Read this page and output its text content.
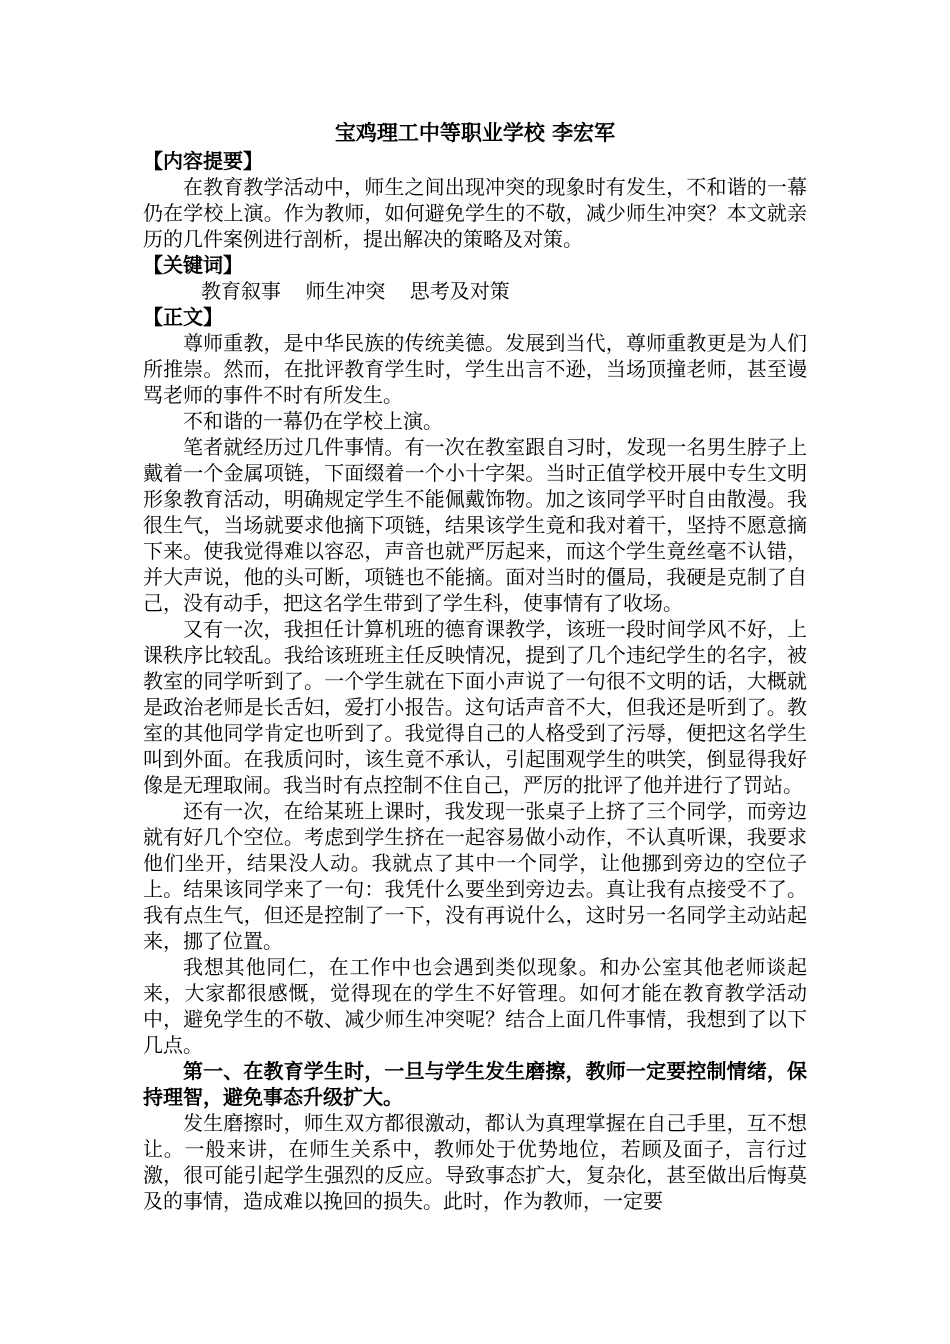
宝鸡理工中等职业学校 李宏军
【内容提要】

在教育教学活动中，师生之间出现冲突的现象时有发生，不和谐的一幕仍在学校上演。作为教师，如何避免学生的不敬，减少师生冲突？本文就亲历的几件案例进行剖析，提出解决的策略及对策。

【关键词】
教育叙事 师生冲突 思考及对策
【正文】

尊师重教，是中华民族的传统美德。发展到当代，尊师重教更是为人们所推崇。然而，在批评教育学生时，学生出言不逊，当场顶撞老师，甚至谩骂老师的事件不时有所发生。

不和谐的一幕仍在学校上演。

笔者就经历过几件事情。有一次在教室跟自习时，发现一名男生脖子上戴着一个金属项链，下面缀着一个小十字架。当时正值学校开展中专生文明形象教育活动，明确规定学生不能佩戴饰物。加之该同学平时自由散漫。我很生气，当场就要求他摘下项链，结果该学生竟和我对着干，坚持不愿意摘下来。使我觉得难以容忍，声音也就严厉起来，而这个学生竟丝毫不认错，并大声说，他的头可断，项链也不能摘。面对当时的僵局，我硬是克制了自己，没有动手，把这名学生带到了学生科，使事情有了收场。

又有一次，我担任计算机班的德育课教学，该班一段时间学风不好，上课秩序比较乱。我给该班班主任反映情况，提到了几个违纪学生的名字，被教室的同学听到了。一个学生就在下面小声说了一句很不文明的话，大概就是政治老师是长舌妇，爱打小报告。这句话声音不大，但我还是听到了。教室的其他同学肯定也听到了。我觉得自己的人格受到了污辱，便把这名学生叫到外面。在我质问时，该生竟不承认，引起围观学生的哄笑，倒显得我好像是无理取闹。我当时有点控制不住自己，严厉的批评了他并进行了罚站。

还有一次，在给某班上课时，我发现一张桌子上挤了三个同学，而旁边就有好几个空位。考虑到学生挤在一起容易做小动作，不认真听课，我要求他们坐开，结果没人动。我就点了其中一个同学，让他挪到旁边的空位子上。结果该同学来了一句：我凭什么要坐到旁边去。真让我有点接受不了。我有点生气，但还是控制了一下，没有再说什么，这时另一名同学主动站起来，挪了位置。

我想其他同仁，在工作中也会遇到类似现象。和办公室其他老师谈起来，大家都很感慨，觉得现在的学生不好管理。如何才能在教育教学活动中，避免学生的不敬、减少师生冲突呢？结合上面几件事情，我想到了以下几点。

第一、在教育学生时，一旦与学生发生磨擦，教师一定要控制情绪，保持理智，避免事态升级扩大。

发生磨擦时，师生双方都很激动，都认为真理掌握在自己手里，互不想让。一般来讲，在师生关系中，教师处于优势地位，若顾及面子，言行过激，很可能引起学生强烈的反应。导致事态扩大，复杂化，甚至做出后悔莫及的事情，造成难以挽回的损失。此时，作为教师，一定要
